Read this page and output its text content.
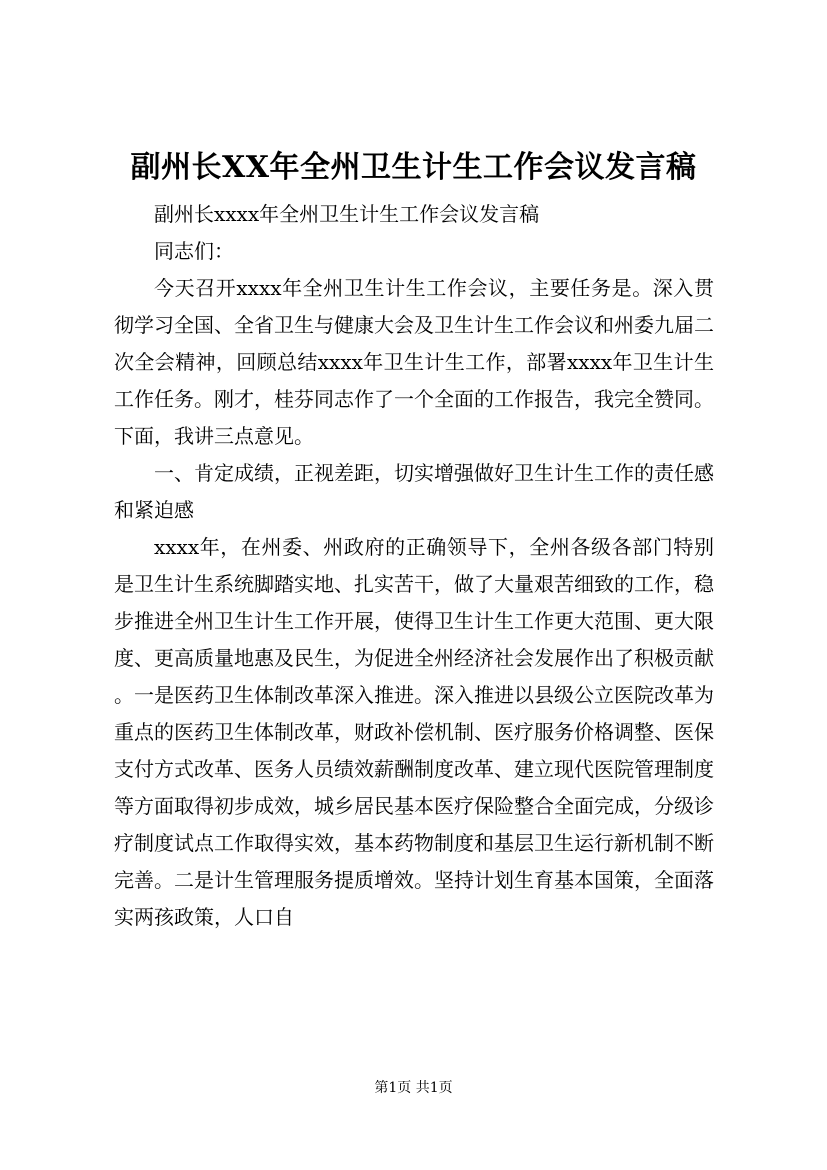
副州长XX年全州卫生计生工作会议发言稿

副州长xxxx年全州卫生计生工作会议发言稿

同志们：

今天召开xxxx年全州卫生计生工作会议，主要任务是。深入贯彻学习全国、全省卫生与健康大会及卫生计生工作会议和州委九届二次全会精神，回顾总结xxxx年卫生计生工作，部署xxxx年卫生计生工作任务。刚才，桂芬同志作了一个全面的工作报告，我完全赞同。下面，我讲三点意见。

一、肯定成绩，正视差距，切实增强做好卫生计生工作的责任感和紧迫感

xxxx年，在州委、州政府的正确领导下，全州各级各部门特别是卫生计生系统脚踏实地、扎实苦干，做了大量艰苦细致的工作，稳步推进全州卫生计生工作开展，使得卫生计生工作更大范围、更大限度、更高质量地惠及民生，为促进全州经济社会发展作出了积极贡献。一是医药卫生体制改革深入推进。深入推进以县级公立医院改革为重点的医药卫生体制改革，财政补偿机制、医疗服务价格调整、医保支付方式改革、医务人员绩效薪酬制度改革、建立现代医院管理制度等方面取得初步成效，城乡居民基本医疗保险整合全面完成，分级诊疗制度试点工作取得实效，基本药物制度和基层卫生运行新机制不断完善。二是计生管理服务提质增效。坚持计划生育基本国策，全面落实两孩政策，人口自

第1页 共1页
